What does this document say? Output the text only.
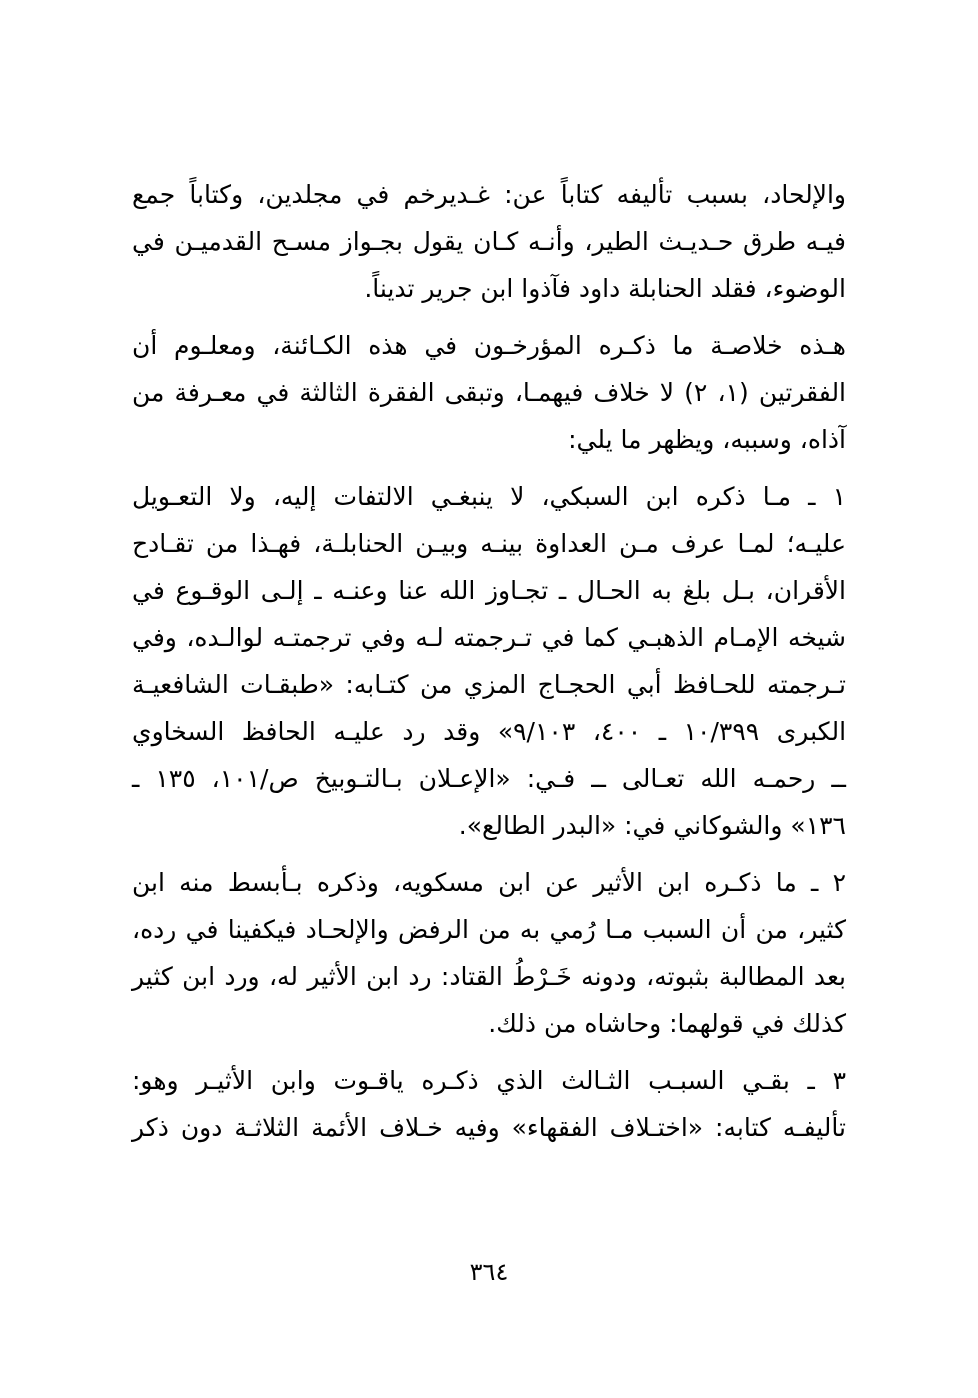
والإلحاد، بسبب تأليفه كتاباً عن: غـديرخم في مجلدين، وكتاباً جمع
فيـه طرق حـديـث الطير، وأنـه كـان يقول بجـواز مسـح القدميـن في
الوضوء، فقلد الحنابلة داود فآذوا ابن جرير تديناً.
هـذه خلاصـة ما ذكـره المؤرخـون في هذه الكـائنة، ومعلـوم أن
الفقرتين (١، ٢) لا خلاف فيهمـا، وتبقى الفقرة الثالثة في معـرفة من
آذاه، وسببه، ويظهر ما يلي:
١ ـ مـا ذكره ابن السبكي، لا ينبغـي الالتفات إليه، ولا التعـويل
عليـه؛ لمـا عرف مـن العداوة بينـه وبيـن الحنابلـة، فهـذا من تقـادح
الأقران، بـل بلغ به الحـال ـ تجـاوز الله عنا وعنـه ـ إلـى الوقـوع في
شيخه الإمـام الذهبـي كما في تـرجمته لـه وفي ترجمتـه لوالـده، وفي
تـرجمته للحـافظ أبي الحجـاج المزي من كتـابه: «طبقـات الشافعيـة
الكبرى ١٠/٣٩٩ ـ ٤٠٠، ٩/١٠٣» وقد رد عليـه الحافظ السخاوي
ــ رحمـه الله تعـالى ــ فـي: «الإعـلان بـالتـوبيخ ص/١٠١، ١٣٥ ـ
١٣٦» والشوكاني في: «البدر الطالع».
٢ ـ ما ذكـره ابن الأثير عن ابن مسكويه، وذكره بـأبسط منه ابن
كثير، من أن السبب مـا رُمي به من الرفض والإلحـاد فيكفينا في رده،
بعد المطالبة بثبوته، ودونه خَـرْطُ القتاد: رد ابن الأثير له، ورد ابن كثير
كذلك في قولهما: وحاشاه من ذلك.
٣ ـ بقـي السبـب الثـالث الذي ذكـره ياقـوت وابن الأثيـر وهو:
تأليفـه كتابه: «اختـلاف الفقهاء» وفيه خـلاف الأئمة الثلاثـة دون ذكر
٣٦٤
